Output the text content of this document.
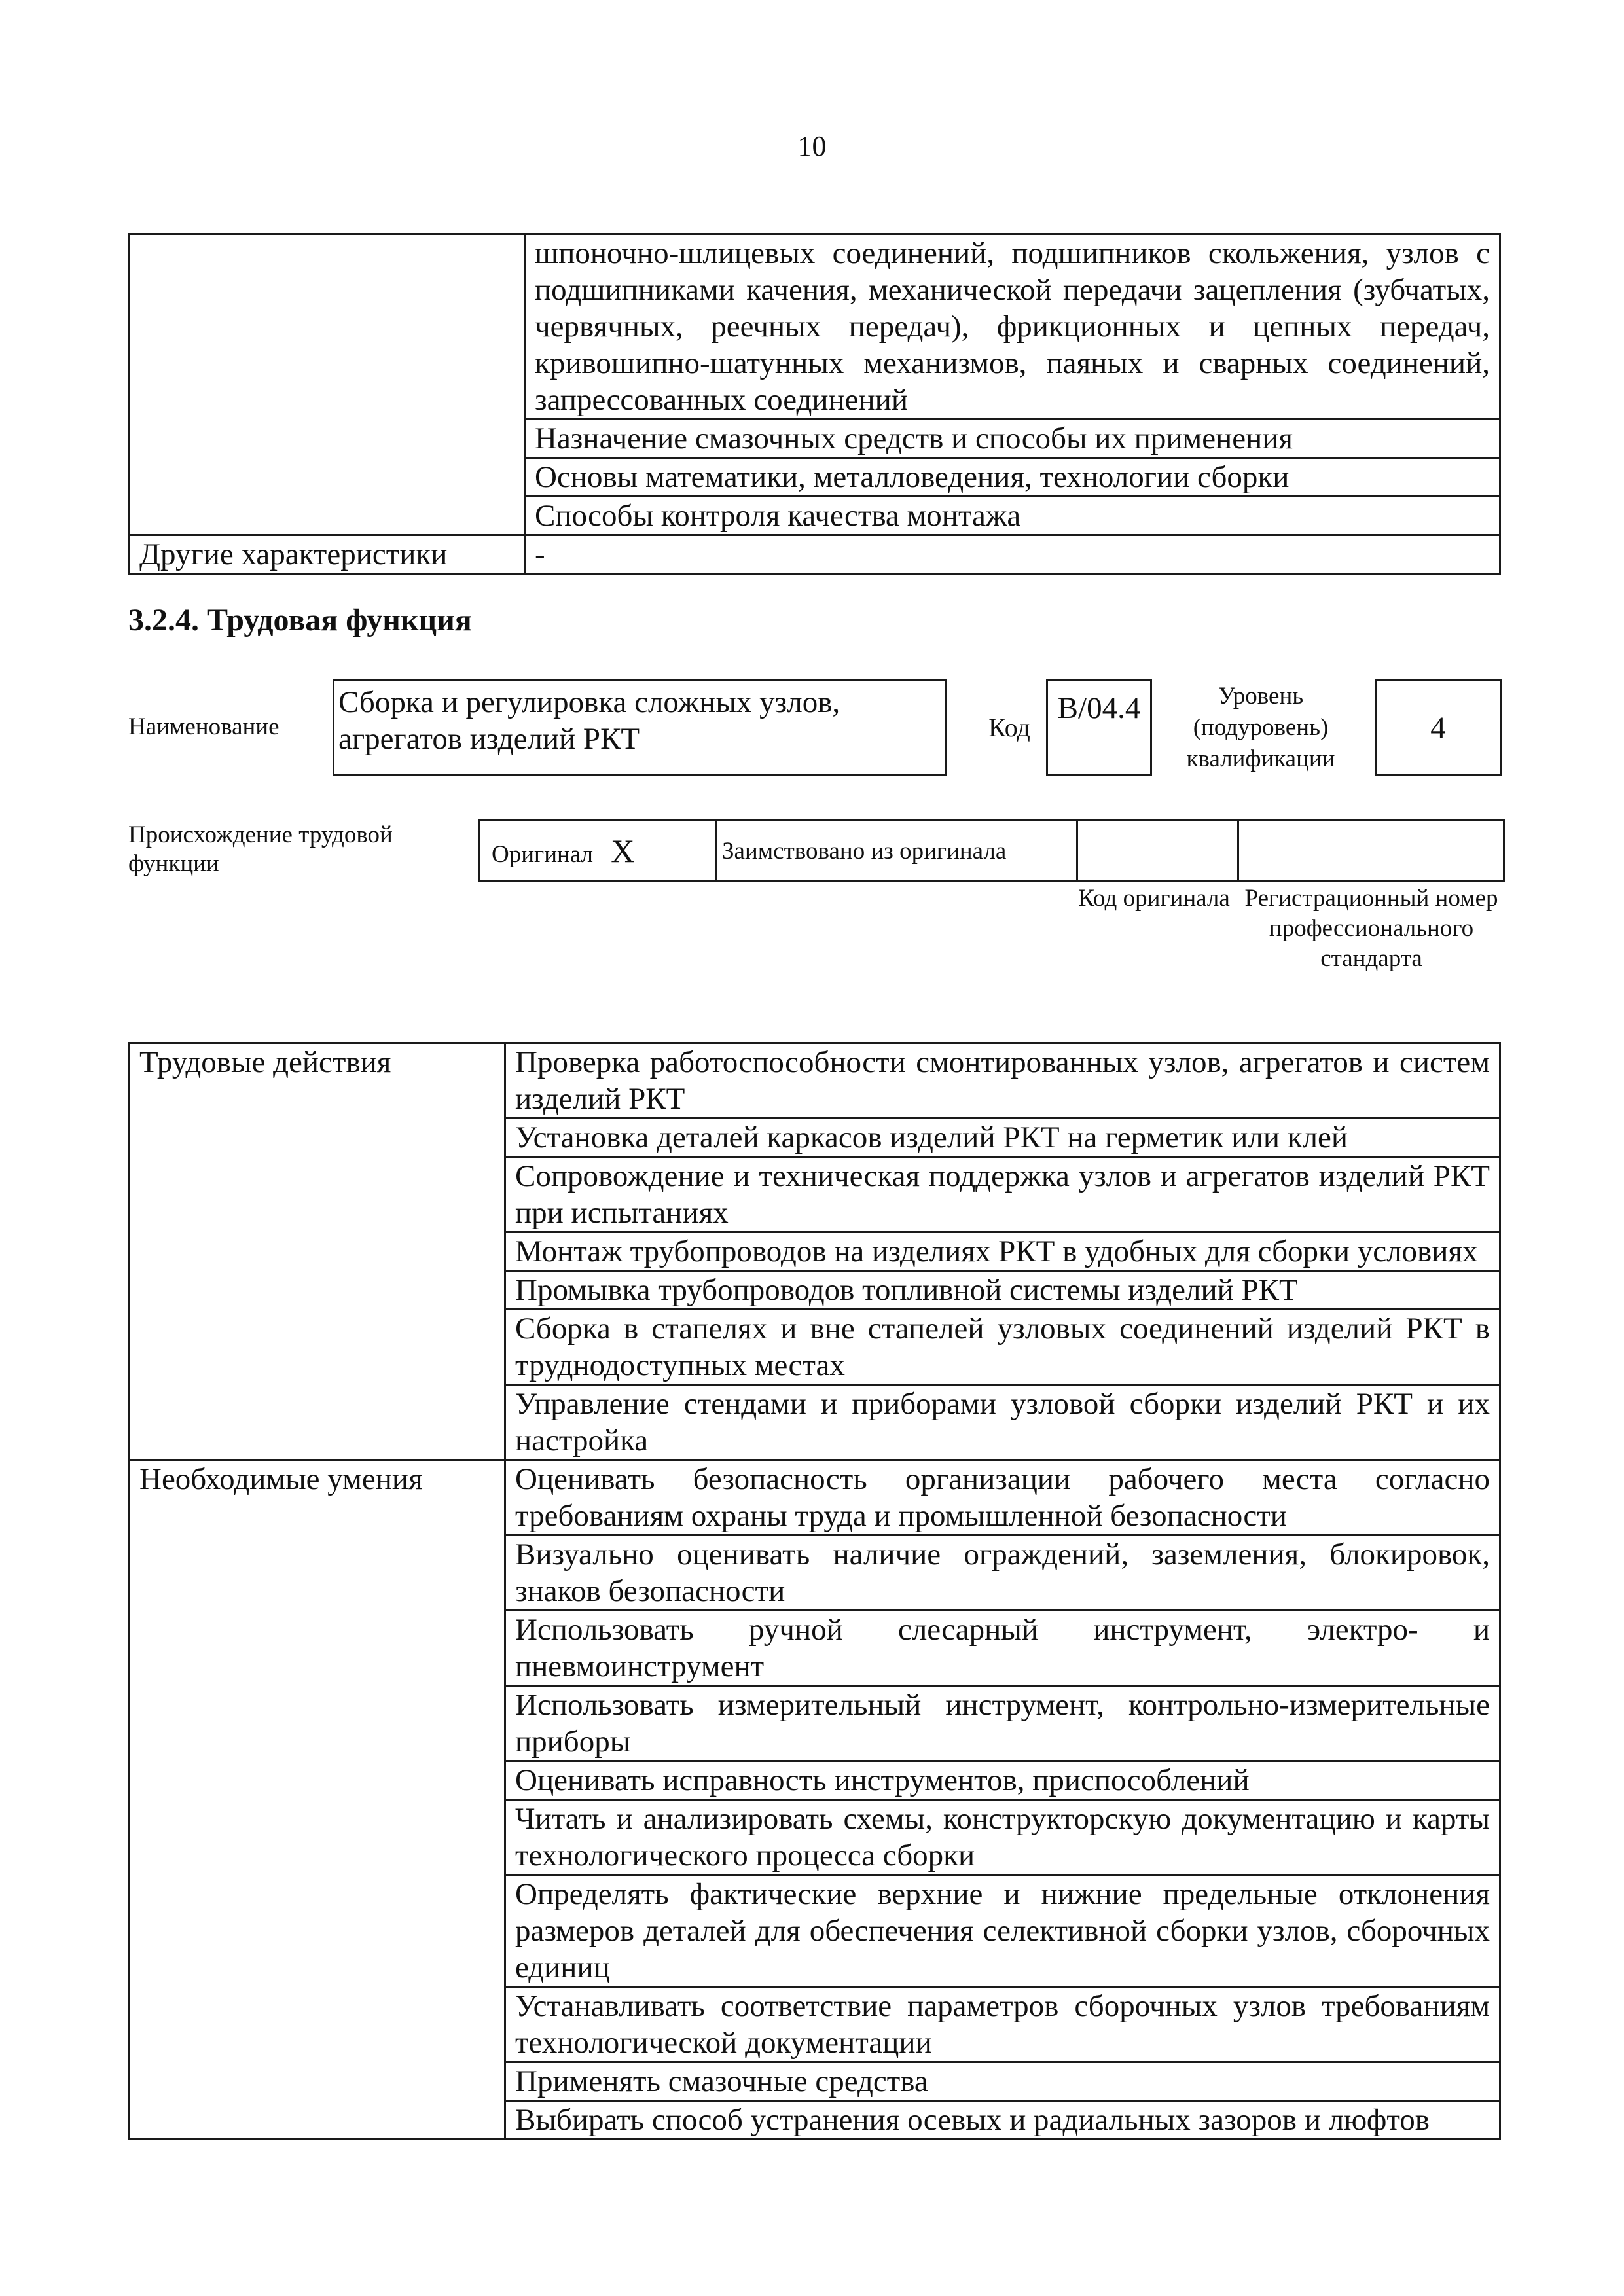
10
	шпоночно-шлицевых соединений, подшипников скольжения, узлов с подшипниками качения, механической передачи зацепления (зубчатых, червячных, реечных передач), фрикционных и цепных передач, кривошипно-шатунных механизмов, паяных и сварных соединений, запрессованных соединений
	Назначение смазочных средств и способы их применения
	Основы математики, металловедения, технологии сборки
	Способы контроля качества монтажа
Другие характеристики	-
3.2.4. Трудовая функция
Наименование
Сборка и регулировка сложных узлов, агрегатов изделий РКТ	Код
B/04.4	Уровень (подуровень) квалификации
4
Происхождение трудовой функции	Оригинал X	Заимствовано из оригинала		
Код оригинала Регистрационный номер профессионального стандарта
Трудовые действия	Проверка работоспособности смонтированных узлов, агрегатов и систем изделий РКТ
	Установка деталей каркасов изделий РКТ на герметик или клей
	Сопровождение и техническая поддержка узлов и агрегатов изделий РКТ при испытаниях
	Монтаж трубопроводов на изделиях РКТ в удобных для сборки условиях
	Промывка трубопроводов топливной системы изделий РКТ
	Сборка в стапелях и вне стапелей узловых соединений изделий РКТ в труднодоступных местах
	Управление стендами и приборами узловой сборки изделий РКТ и их настройка
Необходимые умения	Оценивать безопасность организации рабочего места согласно требованиям охраны труда и промышленной безопасности
	Визуально оценивать наличие ограждений, заземления, блокировок, знаков безопасности
	Использовать ручной слесарный инструмент, электро- и пневмоинструмент
	Использовать измерительный инструмент, контрольно-измерительные приборы
	Оценивать исправность инструментов, приспособлений
	Читать и анализировать схемы, конструкторскую документацию и карты технологического процесса сборки
	Определять фактические верхние и нижние предельные отклонения размеров деталей для обеспечения селективной сборки узлов, сборочных единиц
	Устанавливать соответствие параметров сборочных узлов требованиям технологической документации
	Применять смазочные средства
	Выбирать способ устранения осевых и радиальных зазоров и люфтов
